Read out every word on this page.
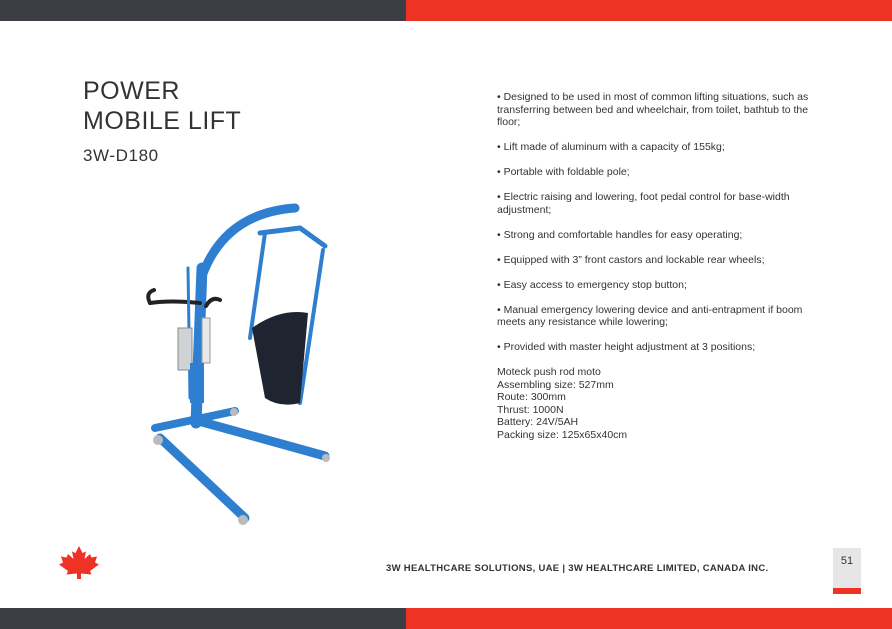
POWER
MOBILE LIFT
3W-D180
• Designed to be used in most of common lifting situations, such as transferring between bed and wheelchair, from toilet, bathtub to the floor;
• Lift made of aluminum with a capacity of 155kg;
• Portable with foldable pole;
• Electric raising and lowering, foot pedal control for base-width adjustment;
• Strong and comfortable handles for easy operating;
• Equipped with 3” front castors and lockable rear wheels;
• Easy access to emergency stop button;
• Manual emergency lowering device and anti-entrapment if boom meets any resistance while lowering;
• Provided with master height adjustment at 3 positions;
Moteck push rod moto
Assembling size: 527mm
Route: 300mm
Thrust: 1000N
Battery: 24V/5AH
Packing size: 125x65x40cm
3W HEALTHCARE SOLUTIONS, UAE | 3W HEALTHCARE LIMITED, CANADA INC.
51
